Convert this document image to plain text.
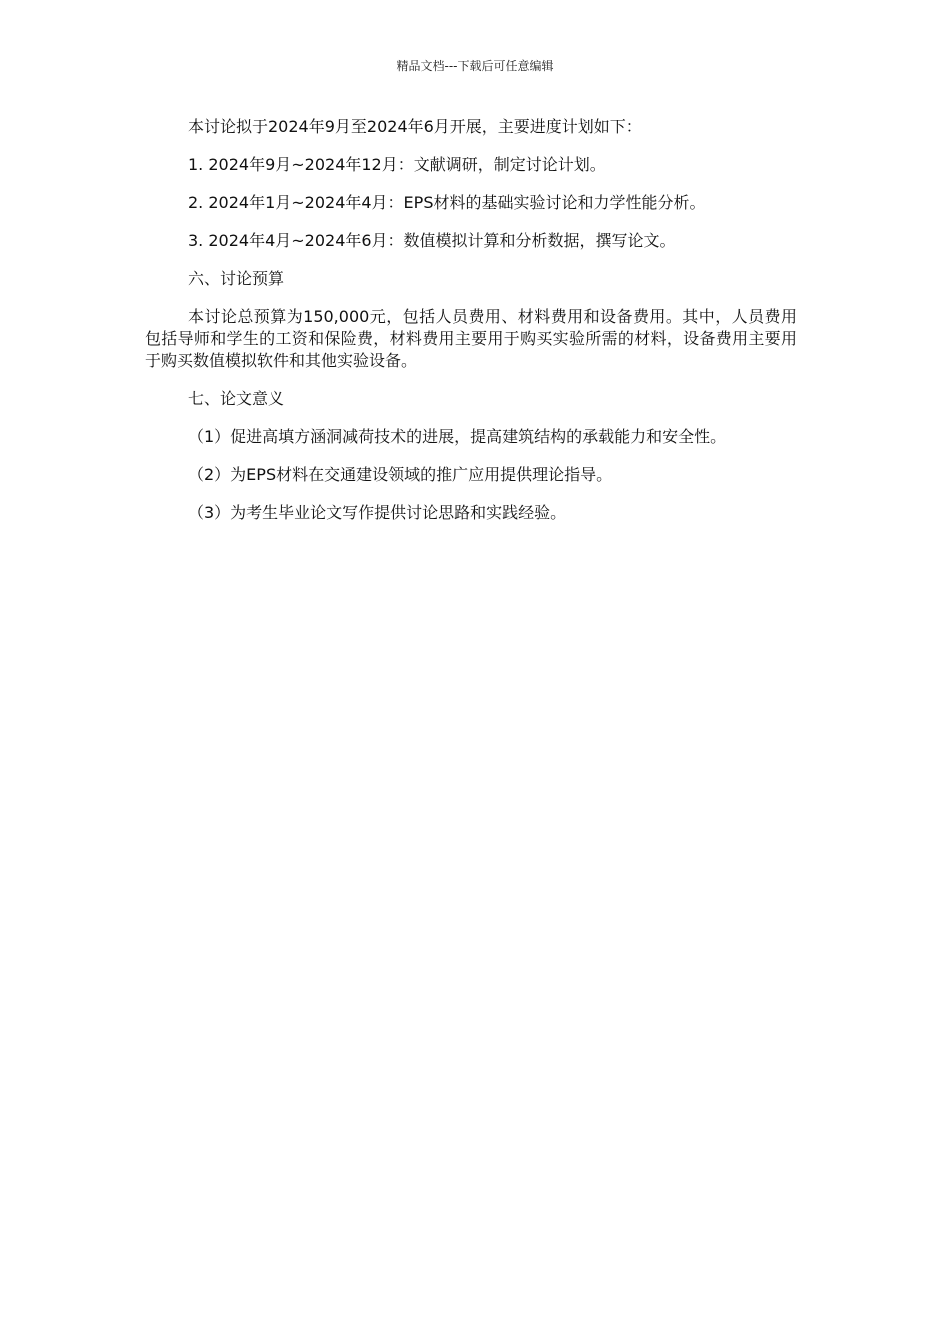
精品文档---下载后可任意编辑

本讨论拟于2024年9月至2024年6月开展，主要进度计划如下：

1. 2024年9月~2024年12月：文献调研，制定讨论计划。

2. 2024年1月~2024年4月：EPS材料的基础实验讨论和力学性能分析。

3. 2024年4月~2024年6月：数值模拟计算和分析数据，撰写论文。

六、讨论预算

本讨论总预算为150,000元，包括人员费用、材料费用和设备费用。其中，人员费用包括导师和学生的工资和保险费，材料费用主要用于购买实验所需的材料，设备费用主要用于购买数值模拟软件和其他实验设备。

七、论文意义

（1）促进高填方涵洞减荷技术的进展，提高建筑结构的承载能力和安全性。

（2）为EPS材料在交通建设领域的推广应用提供理论指导。

（3）为考生毕业论文写作提供讨论思路和实践经验。
